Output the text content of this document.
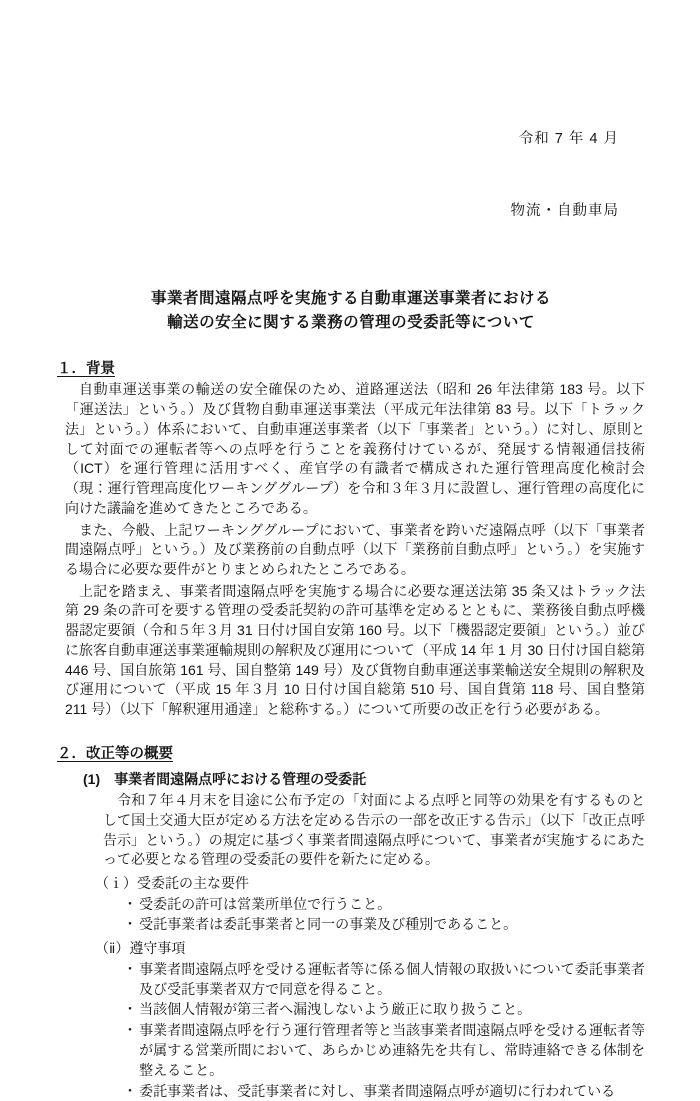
令和 7 年 4 月

物流・自動車局

事業者間遠隔点呼を実施する自動車運送事業者における
輸送の安全に関する業務の管理の受委託等について
１．背景

自動車運送事業の輸送の安全確保のため、道路運送法（昭和 26 年法律第 183 号。以下「運送法」という。）及び貨物自動車運送事業法（平成元年法律第 83 号。以下「トラック法」という。）体系において、自動車運送事業者（以下「事業者」という。）に対し、原則として対面での運転者等への点呼を行うことを義務付けているが、発展する情報通信技術（ICT）を運行管理に活用すべく、産官学の有識者で構成された運行管理高度化検討会（現：運行管理高度化ワーキンググループ）を令和３年３月に設置し、運行管理の高度化に向けた議論を進めてきたところである。

また、今般、上記ワーキンググループにおいて、事業者を跨いだ遠隔点呼（以下「事業者間遠隔点呼」という。）及び業務前の自動点呼（以下「業務前自動点呼」という。）を実施する場合に必要な要件がとりまとめられたところである。

上記を踏まえ、事業者間遠隔点呼を実施する場合に必要な運送法第 35 条又はトラック法第 29 条の許可を要する管理の受委託契約の許可基準を定めるとともに、業務後自動点呼機器認定要領（令和５年３月 31 日付け国自安第 160 号。以下「機器認定要領」という。）並びに旅客自動車運送事業運輸規則の解釈及び運用について（平成 14 年 1 月 30 日付け国自総第 446 号、国自旅第 161 号、国自整第 149 号）及び貨物自動車運送事業輸送安全規則の解釈及び運用について（平成 15 年３月 10 日付け国自総第 510 号、国自貨第 118 号、国自整第 211 号）（以下「解釈運用通達」と総称する。）について所要の改正を行う必要がある。

２．改正等の概要
(1)　事業者間遠隔点呼における管理の受委託

令和７年４月末を目途に公布予定の「対面による点呼と同等の効果を有するものとして国土交通大臣が定める方法を定める告示の一部を改正する告示」（以下「改正点呼告示」という。）の規定に基づく事業者間遠隔点呼について、事業者が実施するにあたって必要となる管理の受委託の要件を新たに定める。

（ｉ）受委託の主な要件
・ 受委託の許可は営業所単位で行うこと。
・ 受託事業者は委託事業者と同一の事業及び種別であること。
（ⅱ）遵守事項
・ 事業者間遠隔点呼を受ける運転者等に係る個人情報の取扱いについて委託事業者及び受託事業者双方で同意を得ること。
・ 当該個人情報が第三者へ漏洩しないよう厳正に取り扱うこと。
・ 事業者間遠隔点呼を行う運行管理者等と当該事業者間遠隔点呼を受ける運転者等が属する営業所間において、あらかじめ連絡先を共有し、常時連絡できる体制を整えること。
・ 委託事業者は、受託事業者に対し、事業者間遠隔点呼が適切に行われている
